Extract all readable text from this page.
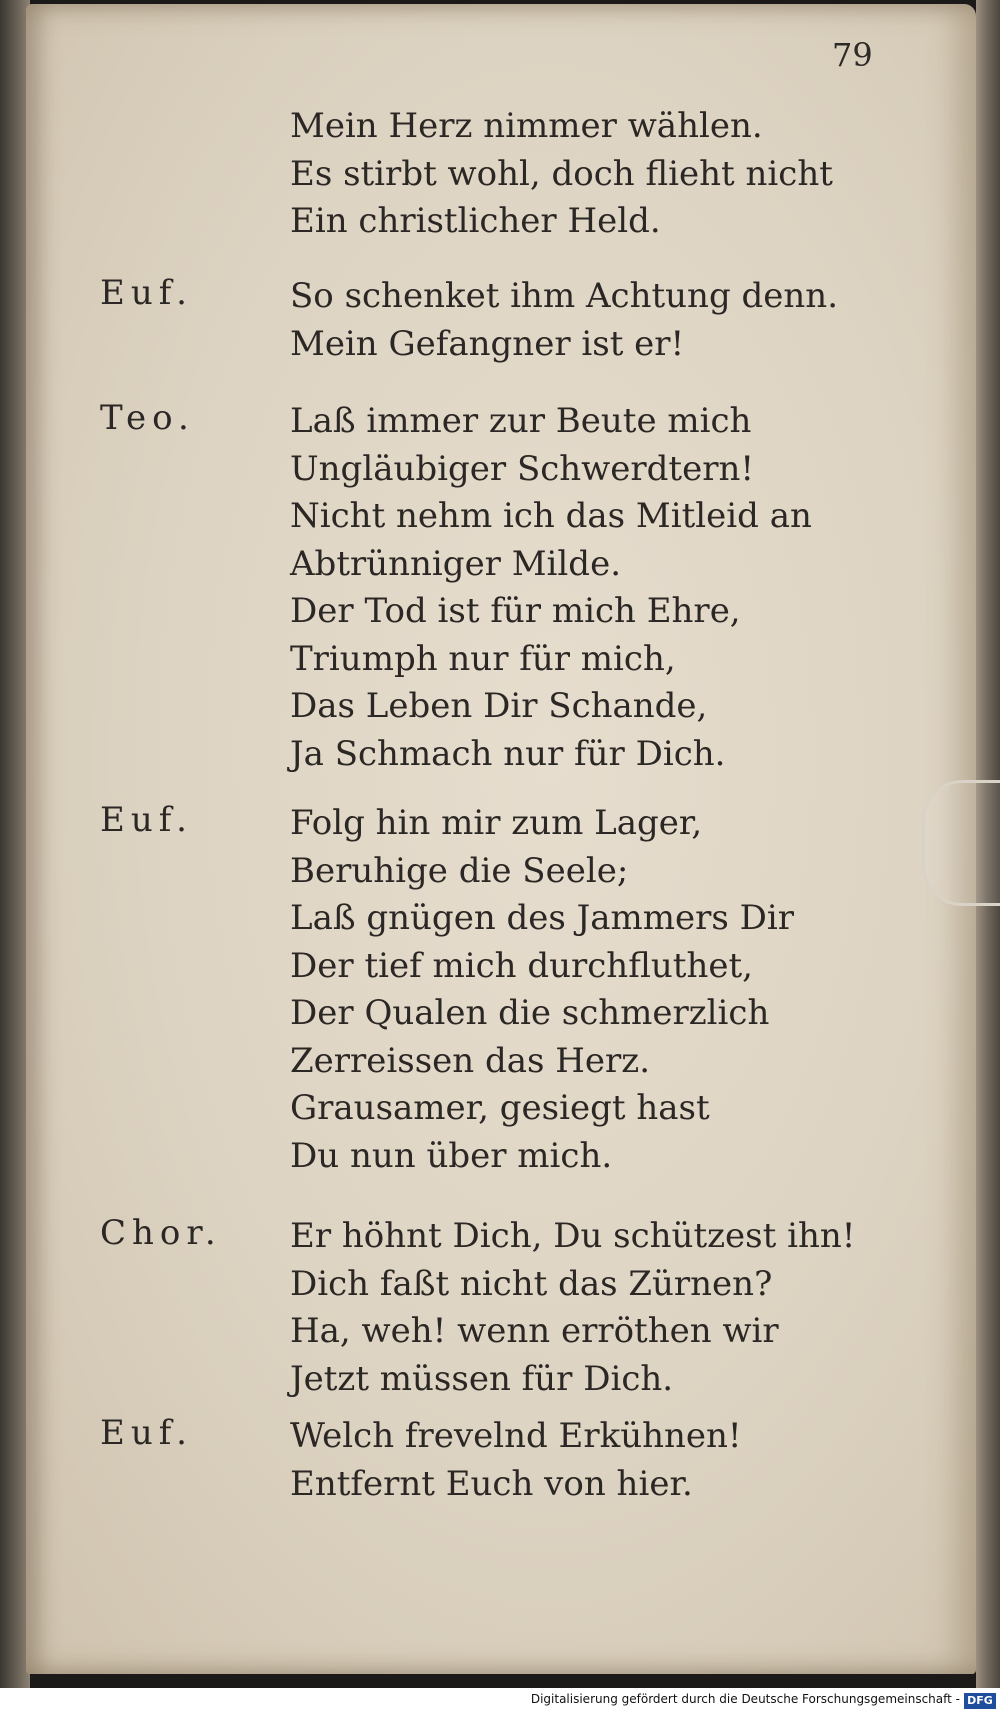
79
Mein Herz nimmer wählen.
Es stirbt wohl, doch flieht nicht
Ein christlicher Held.
Euf.	So schenket ihm Achtung denn.
Mein Gefangner ist er!
Teo.	Laß immer zur Beute mich
Ungläubiger Schwerdtern!
Nicht nehm ich das Mitleid an
Abtrünniger Milde.
Der Tod ist für mich Ehre,
Triumph nur für mich,
Das Leben Dir Schande,
Ja Schmach nur für Dich.
Euf.	Folg hin mir zum Lager,
Beruhige die Seele;
Laß gnügen des Jammers Dir
Der tief mich durchfluthet,
Der Qualen die schmerzlich
Zerreissen das Herz.
Grausamer, gesiegt hast
Du nun über mich.
Chor. Er höhnt Dich, Du schützest ihn!
Dich faßt nicht das Zürnen?
Ha, weh! wenn erröthen wir
Jetzt müssen für Dich.
Euf.	Welch frevelnd Erkühnen!
Entfernt Euch von hier.
Digitalisierung gefördert durch die Deutsche Forschungsgemeinschaft - DFG
